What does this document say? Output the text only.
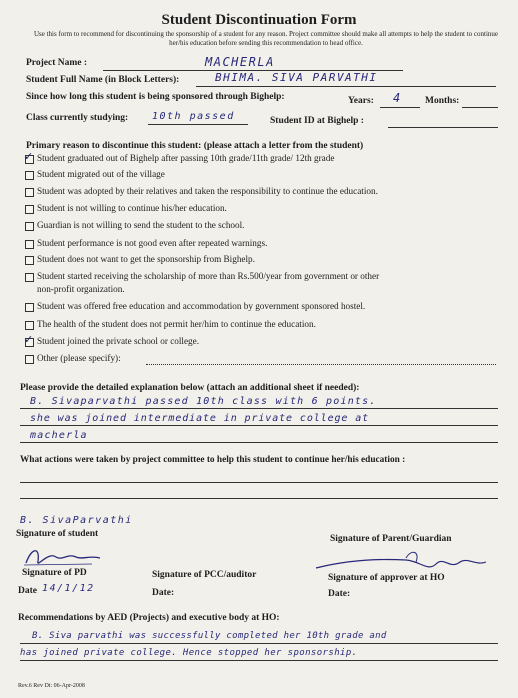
Student Discontinuation Form
Use this form to recommend for discontinuing the sponsorship of a student for any reason. Project committee should make all attempts to help the student to continue her/his education before sending this recommendation to head office.
Project Name :	MACHERLA
Student Full Name (in Block Letters):	BHIMA. SIVA PARVATHI
Since how long this student is being sponsored through Bighelp:	Years: 4 Months:
Class currently studying: 10th passed	Student ID at Bighelp :
Primary reason to discontinue this student: (please attach a letter from the student)
✓
Student graduated out of Bighelp after passing 10th grade/11th grade/ 12th grade
Student migrated out of the village
Student was adopted by their relatives and taken the responsibility to continue the education.
Student is not willing to continue his/her education.
Guardian is not willing to send the student to the school.
Student performance is not good even after repeated warnings.
Student does not want to get the sponsorship from Bighelp.
Student started receiving the scholarship of more than Rs.500/year from government or other
non-profit organization.
Student was offered free education and accommodation by government sponsored hostel.
The health of the student does not permit her/him to continue the education.
✓
Student joined the private school or college.
Other (please specify):
Please provide the detailed explanation below (attach an additional sheet if needed):
B. Sivaparvathi passed 10th class with 6 points.
she was joined intermediate in private college at
macherla
What actions were taken by project committee to help this student to continue her/his education :
B. SivaParvathi
Signature of student	Signature of Parent/Guardian
Signature of PD	Signature of PCC/auditor	Signature of approver at HO
Date 14/1/12	Date:	Date:
Recommendations by AED (Projects) and executive body at HO:
B. Siva parvathi was successfully completed her 10th grade and
has joined private college. Hence stopped her sponsorship.
Rev.6 Rev Dt: 06-Apr-2008
